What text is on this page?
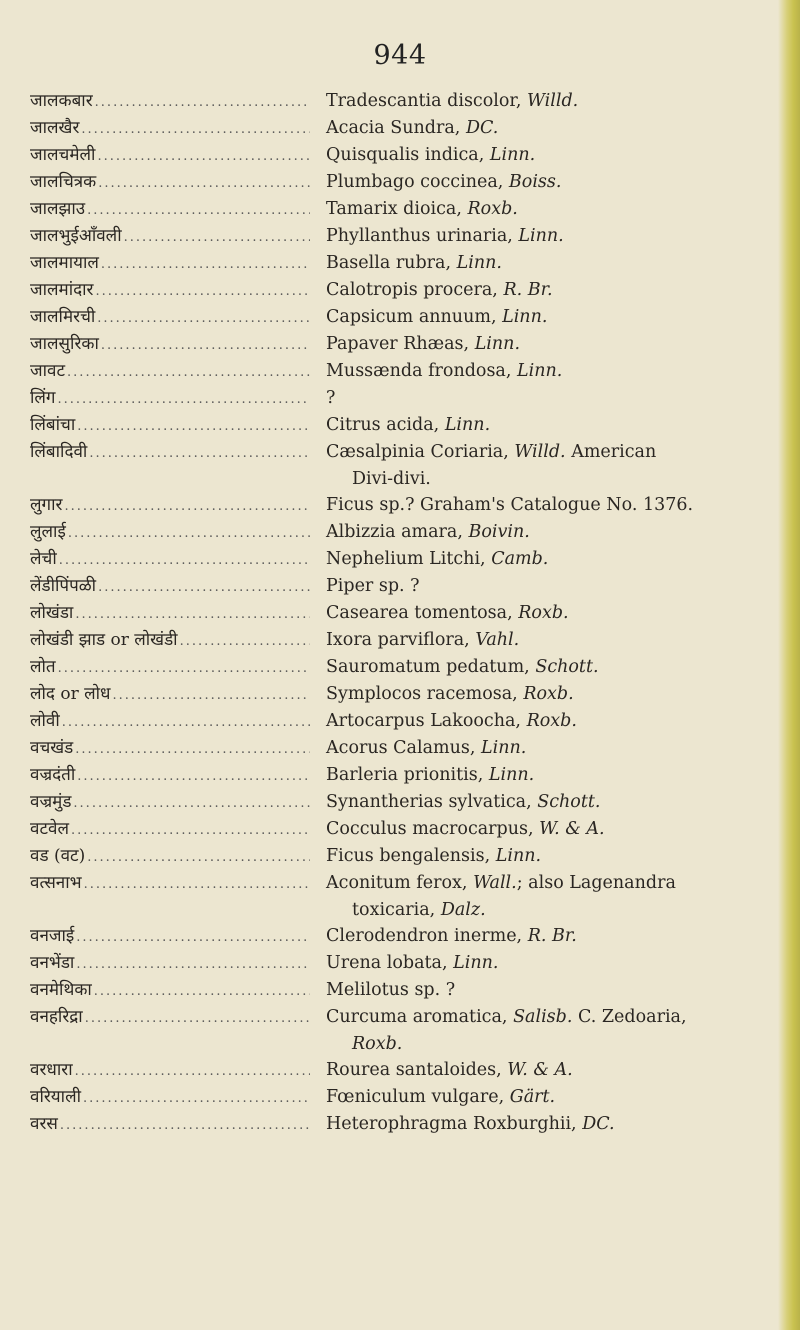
944
जालकबार .....	Tradescantia discolor, Willd.
जालखैर .....	Acacia Sundra, DC.
जालचमेली .....	Quisqualis indica, Linn.
जालचित्रक .....	Plumbago coccinea, Boiss.
जालझाउ .....	Tamarix dioica, Roxb.
जालभुईआँवली .....	Phyllanthus urinaria, Linn.
जालमायाल .....	Basella rubra, Linn.
जालमांदार .....	Calotropis procera, R. Br.
जालमिरची .....	Capsicum annuum, Linn.
जालसुरिका .....	Papaver Rhæas, Linn.
जावट .....	Mussænda frondosa, Linn.
लिंग .....	?
लिंबांचा .....	Citrus acida, Linn.
लिंबादिवी .....	Cæsalpinia Coriaria, Willd. American
Divi-divi.
लुगार .....	Ficus sp.? Graham's Catalogue No. 1376.
लुलाई .....	Albizzia amara, Boivin.
लेची .....	Nephelium Litchi, Camb.
लेंडीपिंपळी .....	Piper sp. ?
लोखंडा .....	Casearea tomentosa, Roxb.
लोखंडी झाड or लोखंडी .....	Ixora parviflora, Vahl.
लोत .....	Sauromatum pedatum, Schott.
लोद or लोध .....	Symplocos racemosa, Roxb.
लोवी .....	Artocarpus Lakoocha, Roxb.
वचखंड .....	Acorus Calamus, Linn.
वज्रदंती .....	Barleria prionitis, Linn.
वज्रमुंड .....	Synantherias sylvatica, Schott.
वटवेल .....	Cocculus macrocarpus, W. & A.
वड (वट) .....	Ficus bengalensis, Linn.
वत्सनाभ .....	Aconitum ferox, Wall.; also Lagenandra
toxicaria, Dalz.
वनजाई .....	Clerodendron inerme, R. Br.
वनभेंडा .....	Urena lobata, Linn.
वनमेथिका .....	Melilotus sp. ?
वनहरिद्रा .....	Curcuma aromatica, Salisb. C. Zedoaria,
Roxb.
वरधारा .....	Rourea santaloides, W. & A.
वरियाली .....	Fœniculum vulgare, Gärt.
वरस .....	Heterophragma Roxburghii, DC.
